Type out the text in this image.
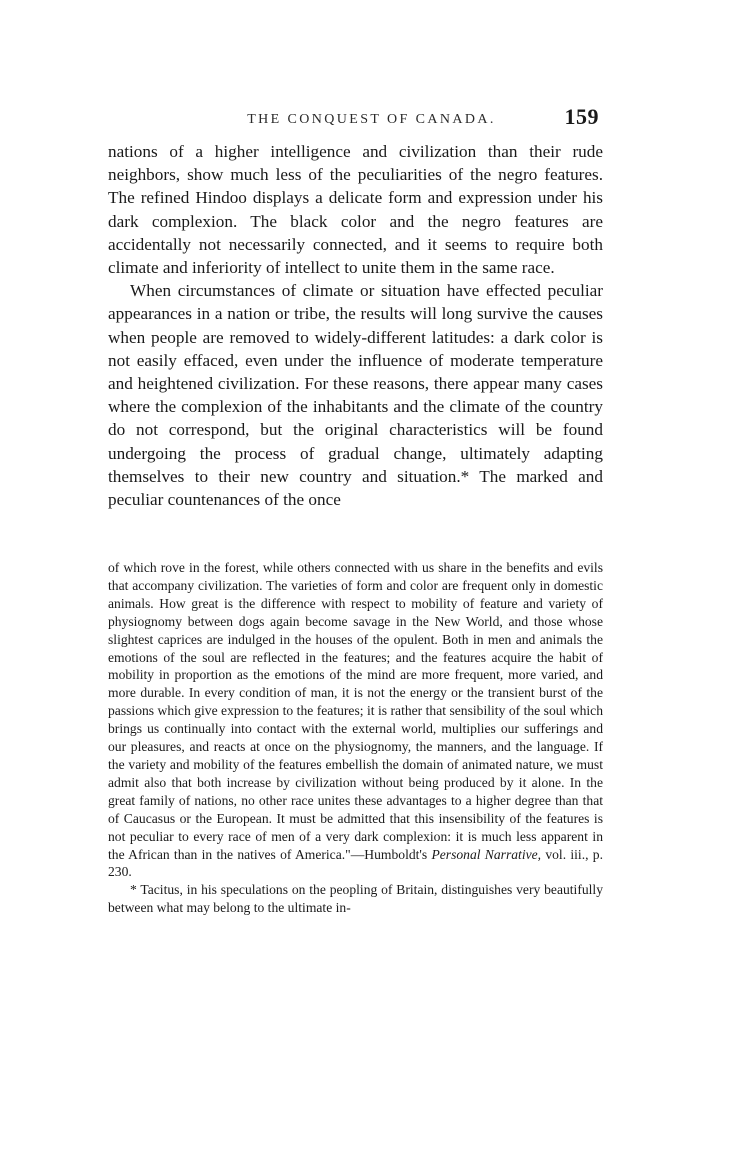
THE CONQUEST OF CANADA.	159

nations of a higher intelligence and civilization than their rude neighbors, show much less of the peculiarities of the negro features. The refined Hindoo displays a delicate form and expression under his dark complexion. The black color and the negro features are accidentally not necessarily connected, and it seems to require both climate and inferiority of intellect to unite them in the same race.

When circumstances of climate or situation have effected peculiar appearances in a nation or tribe, the results will long survive the causes when people are removed to widely-different latitudes: a dark color is not easily effaced, even under the influence of moderate temperature and heightened civilization. For these reasons, there appear many cases where the complexion of the inhabitants and the climate of the country do not correspond, but the original characteristics will be found undergoing the process of gradual change, ultimately adapting themselves to their new country and situation.* The marked and peculiar countenances of the once

of which rove in the forest, while others connected with us share in the benefits and evils that accompany civilization. The varieties of form and color are frequent only in domestic animals. How great is the difference with respect to mobility of feature and variety of physiognomy between dogs again become savage in the New World, and those whose slightest caprices are indulged in the houses of the opulent. Both in men and animals the emotions of the soul are reflected in the features; and the features acquire the habit of mobility in proportion as the emotions of the mind are more frequent, more varied, and more durable. In every condition of man, it is not the energy or the transient burst of the passions which give expression to the features; it is rather that sensibility of the soul which brings us continually into contact with the external world, multiplies our sufferings and our pleasures, and reacts at once on the physiognomy, the manners, and the language. If the variety and mobility of the features embellish the domain of animated nature, we must admit also that both increase by civilization without being produced by it alone. In the great family of nations, no other race unites these advantages to a higher degree than that of Caucasus or the European. It must be admitted that this insensibility of the features is not peculiar to every race of men of a very dark complexion: it is much less apparent in the African than in the natives of America."—Humboldt's Personal Narrative, vol. iii., p. 230.

* Tacitus, in his speculations on the peopling of Britain, distinguishes very beautifully between what may belong to the ultimate in-
